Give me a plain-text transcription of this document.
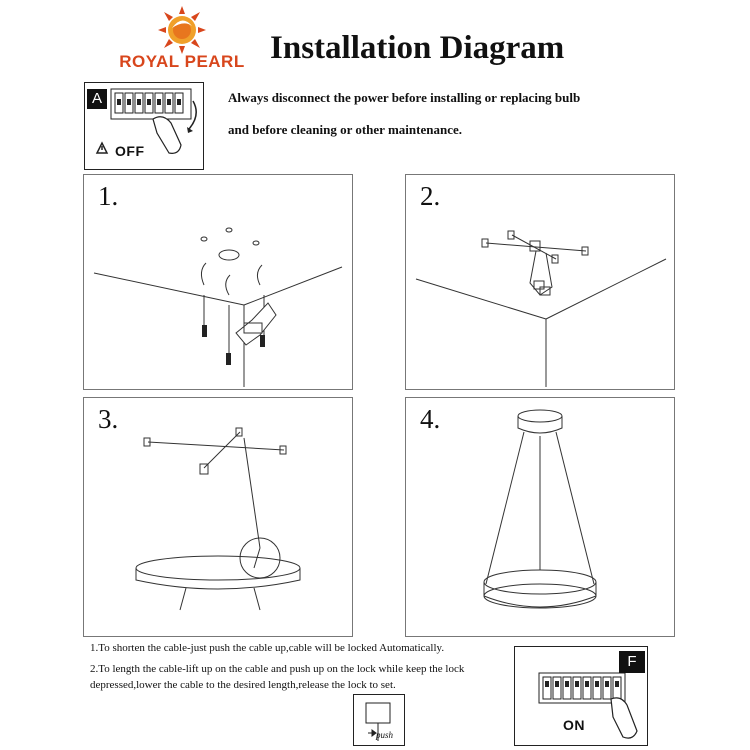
ROYAL PEARL Installation Diagram
A
OFF
Always disconnect the power before installing or replacing bulb
and before cleaning or other maintenance.
1.	2.
3.	4.
1.To shorten the cable-just push the cable up,cable will be locked Automatically.
2.To length the cable-lift up on the cable and push up on the lock while keep the lock
depressed,lower the cable to the desired length,release the lock to set.
push
F
ON
